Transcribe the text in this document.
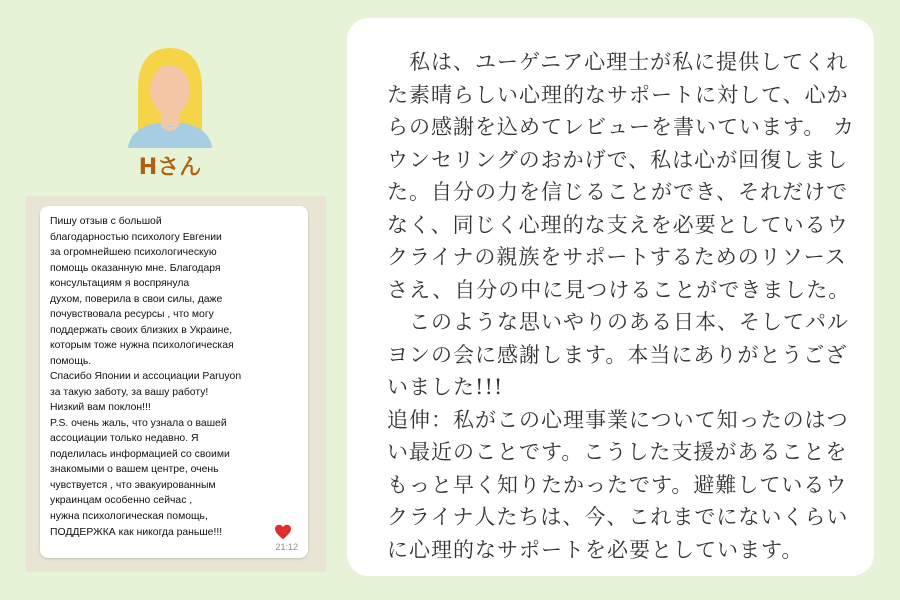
Hさん
Пишу отзыв с большой
благодарностью психологу Евгении
за огромнейшею психологическую
помощь оказанную мне. Благодаря
консультациям я воспрянула
духом, поверила в свои силы, даже
почувствовала ресурсы , что могу
поддержать своих близких в Украине,
которым тоже нужна психологическая
помощь.
Спасибо Японии и ассоциации Paruyon
за такую заботу, за вашу работу!
Низкий вам поклон!!!
P.S. очень жаль, что узнала о вашей
ассоциации только недавно. Я
поделилась информацией со своими
знакомыми о вашем центре, очень
чувствуется , что эвакуированным
украинцам особенно сейчас ,
нужна психологическая помощь,
ПОДДЕРЖКА как никогда раньше!!!
21:12
　私は、ユーゲニア心理士が私に提供してくれ
た素晴らしい心理的なサポートに対して、心か
らの感謝を込めてレビューを書いています。 カ
ウンセリングのおかげで、私は心が回復しまし
た。自分の力を信じることができ、それだけで
なく、同じく心理的な支えを必要としているウ
クライナの親族をサポートするためのリソース
さえ、自分の中に見つけることができました。
　このような思いやりのある日本、そしてパル
ヨンの会に感謝します。本当にありがとうござ
いました!!!
追伸：私がこの心理事業について知ったのはつ
い最近のことです。こうした支援があることを
もっと早く知りたかったです。避難しているウ
クライナ人たちは、今、これまでにないくらい
に心理的なサポートを必要としています。
